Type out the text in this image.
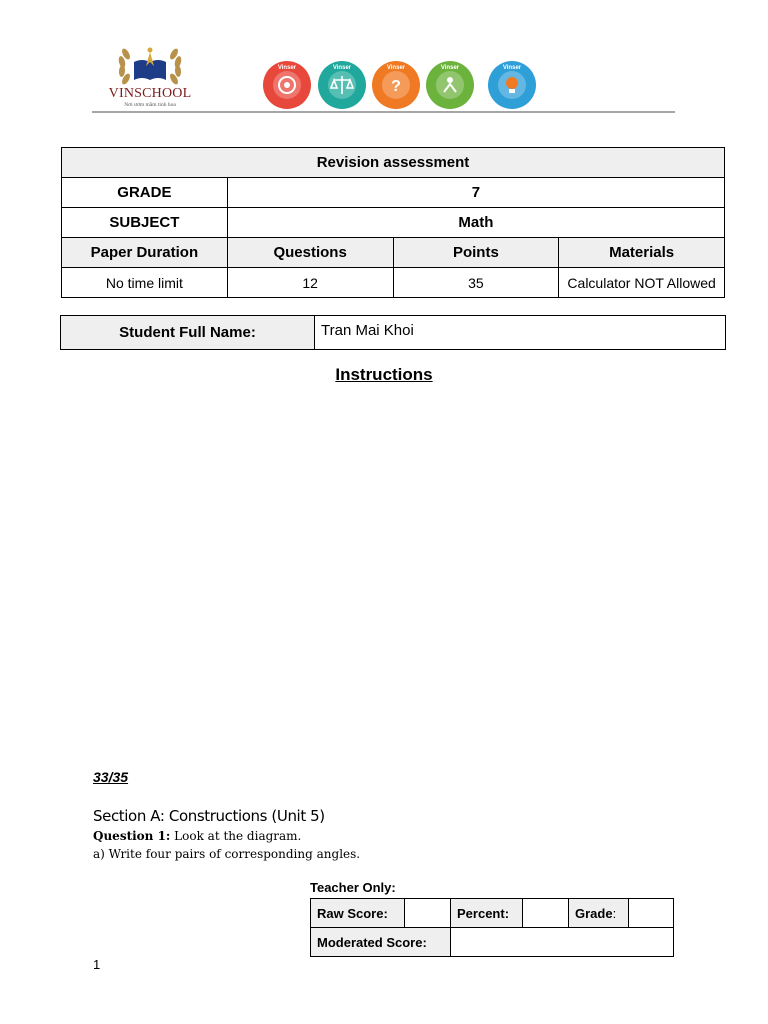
VINSCHOOL
Nơi ươm mầm tinh hoa
Vinser	Vinser
?
Vinser	Vinser	Vinser
Revision assessment			
GRADE	7		
SUBJECT	Math		
Paper Duration	Questions	Points	Materials
No time limit	12	35	Calculator NOT Allowed
Student Full Name:	Tran Mai Khoi
Instructions
33/35
Section A: Constructions (Unit 5)
Question 1: Look at the diagram.
a) Write four pairs of corresponding angles.
Teacher Only:
Raw Score:		Percent:		Grade:	
Moderated Score:					
1
